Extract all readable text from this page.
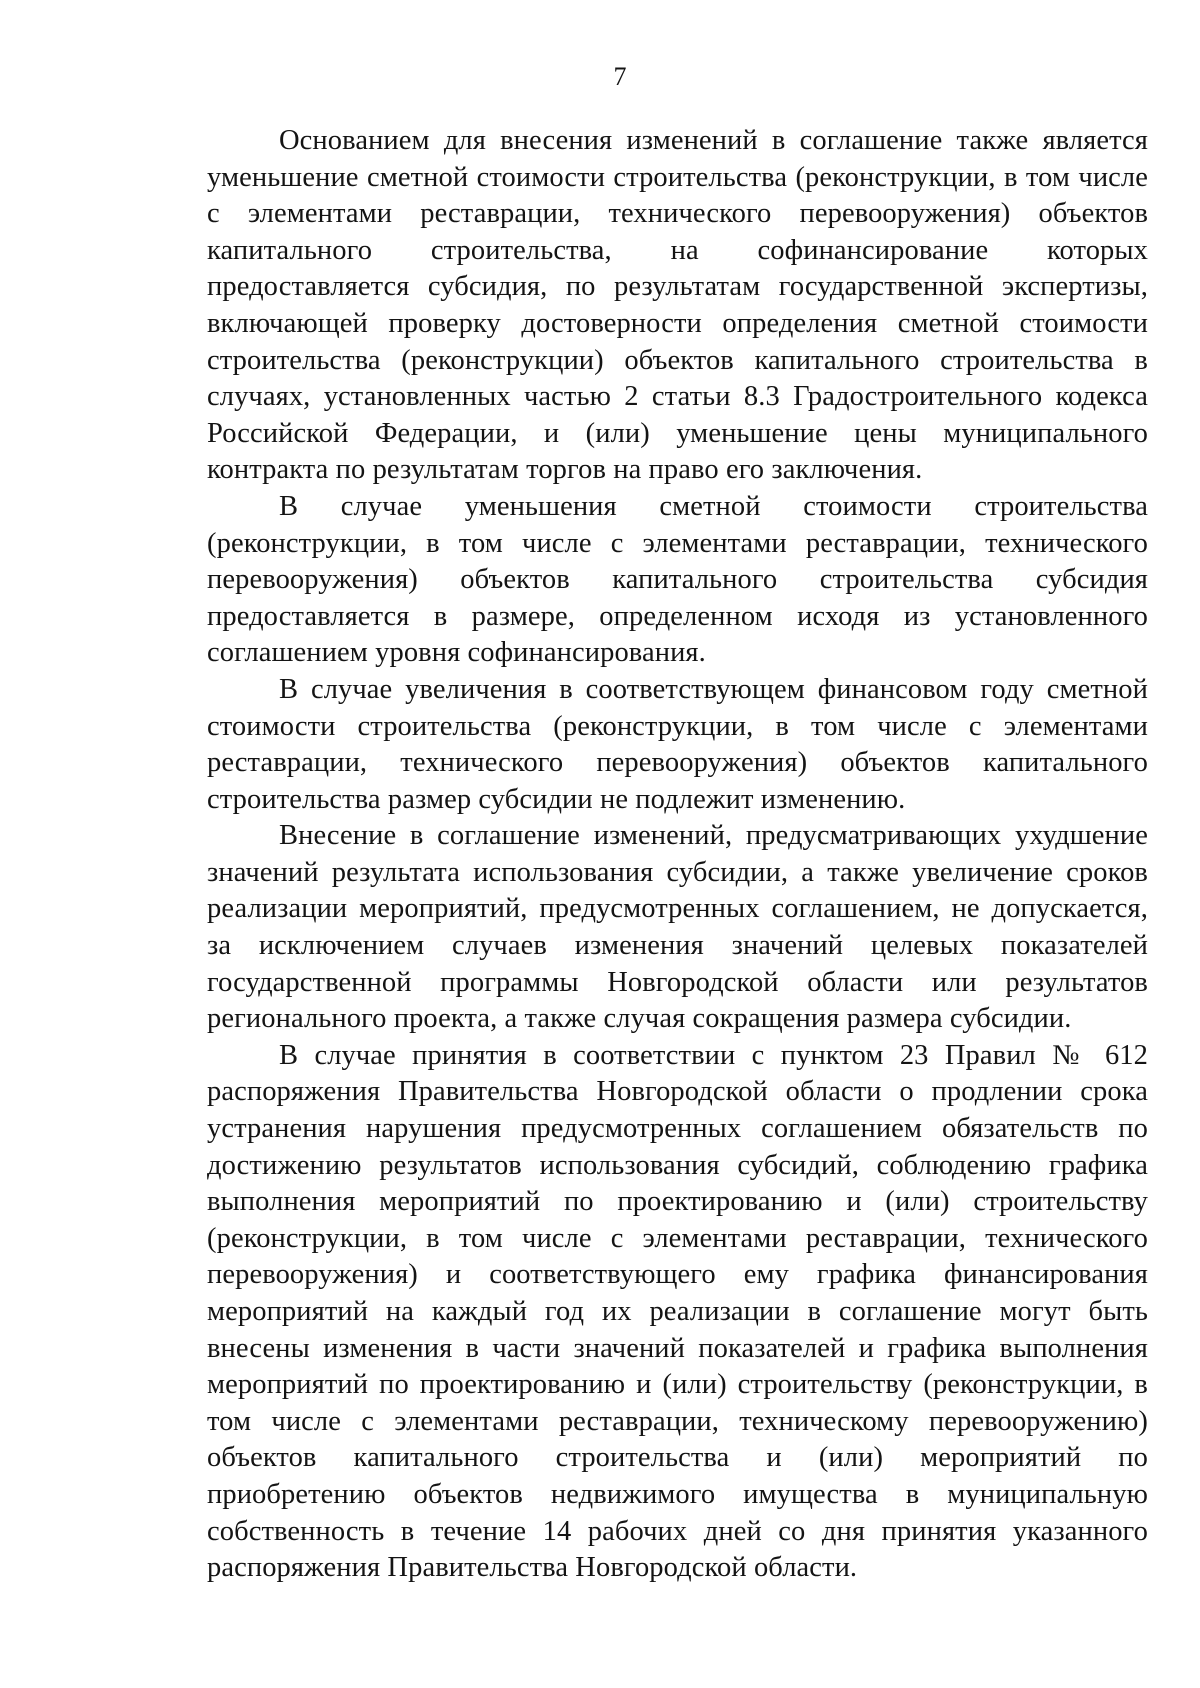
7

Основанием для внесения изменений в соглашение также является уменьшение сметной стоимости строительства (реконструкции, в том числе с элементами реставрации, технического перевооружения) объектов капитального строительства, на софинансирование которых предоставляется субсидия, по результатам государственной экспертизы, включающей проверку достоверности определения сметной стоимости строительства (реконструкции) объектов капитального строительства в случаях, установленных частью 2 статьи 8.3 Градостроительного кодекса Российской Федерации, и (или) уменьшение цены муниципального контракта по результатам торгов на право его заключения.

В случае уменьшения сметной стоимости строительства (реконструкции, в том числе с элементами реставрации, технического перевооружения) объектов капитального строительства субсидия предоставляется в размере, определенном исходя из установленного соглашением уровня софинансирования.

В случае увеличения в соответствующем финансовом году сметной стоимости строительства (реконструкции, в том числе с элементами реставрации, технического перевооружения) объектов капитального строительства размер субсидии не подлежит изменению.

Внесение в соглашение изменений, предусматривающих ухудшение значений результата использования субсидии, а также увеличение сроков реализации мероприятий, предусмотренных соглашением, не допускается, за исключением случаев изменения значений целевых показателей государственной программы Новгородской области или результатов регионального проекта, а также случая сокращения размера субсидии.

В случае принятия в соответствии с пунктом 23 Правил № 612 распоряжения Правительства Новгородской области о продлении срока устранения нарушения предусмотренных соглашением обязательств по достижению результатов использования субсидий, соблюдению графика выполнения мероприятий по проектированию и (или) строительству (реконструкции, в том числе с элементами реставрации, технического перевооружения) и соответствующего ему графика финансирования мероприятий на каждый год их реализации в соглашение могут быть внесены изменения в части значений показателей и графика выполнения мероприятий по проектированию и (или) строительству (реконструкции, в том числе с элементами реставрации, техническому перевооружению) объектов капитального строительства и (или) мероприятий по приобретению объектов недвижимого имущества в муниципальную собственность в течение 14 рабочих дней со дня принятия указанного распоряжения Правительства Новгородской области.
